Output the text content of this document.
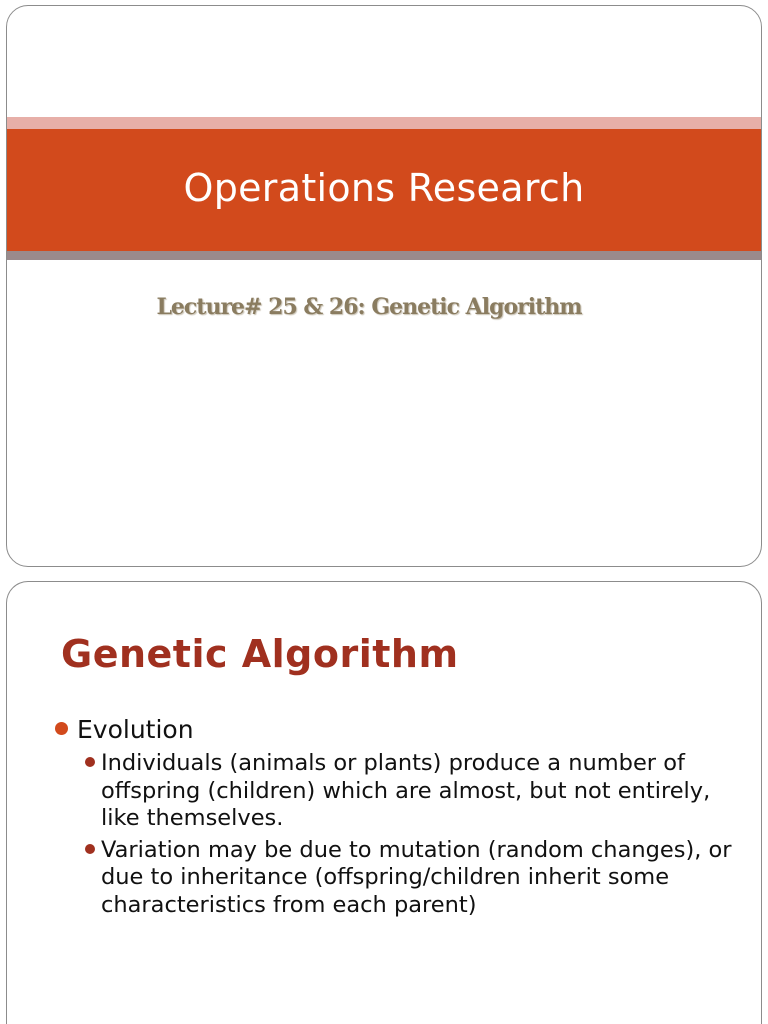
Operations Research
Lecture# 25 & 26: Genetic Algorithm
Genetic Algorithm
Evolution
Individuals (animals or plants) produce a number of offspring (children) which are almost, but not entirely, like themselves.
Variation may be due to mutation (random changes), or due to inheritance (offspring/children inherit some characteristics from each parent)
